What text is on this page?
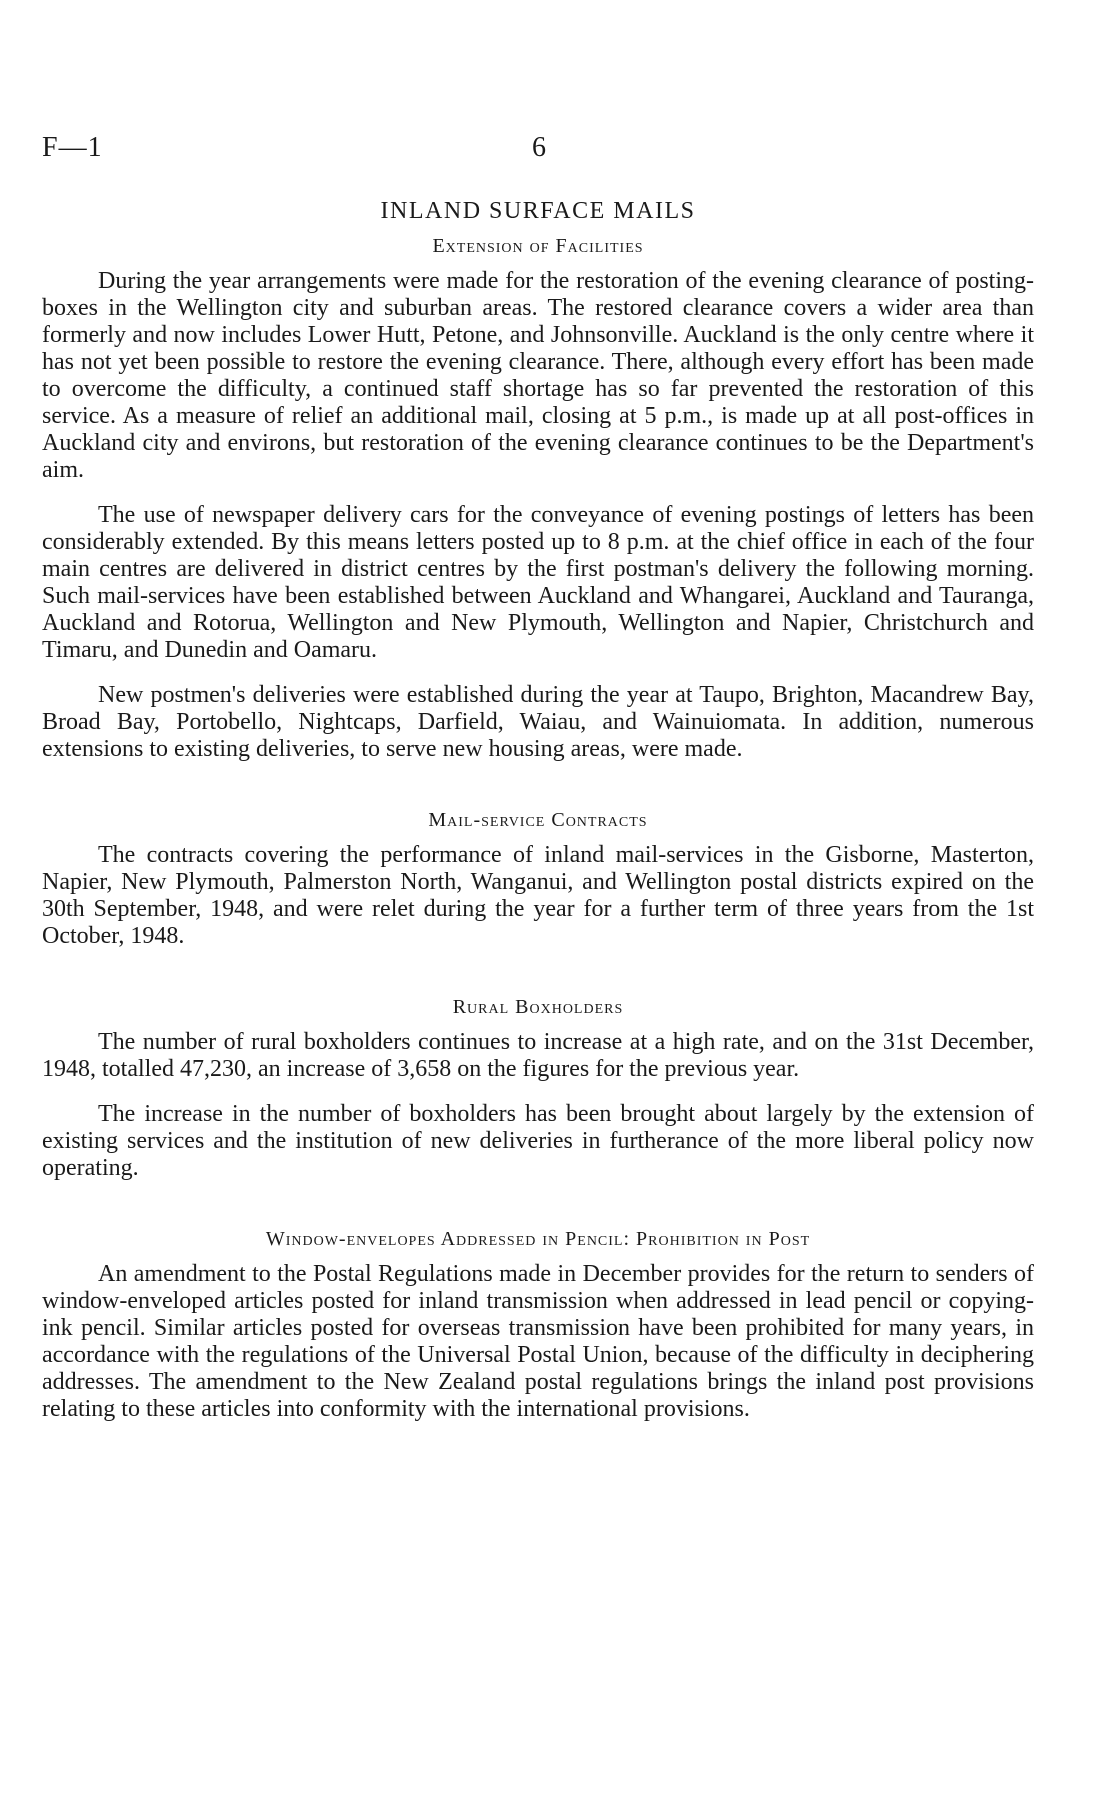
F—1	6
INLAND SURFACE MAILS
Extension of Facilities

During the year arrangements were made for the restoration of the evening clearance of posting-boxes in the Wellington city and suburban areas. The restored clearance covers a wider area than formerly and now includes Lower Hutt, Petone, and Johnsonville. Auckland is the only centre where it has not yet been possible to restore the evening clearance. There, although every effort has been made to overcome the difficulty, a continued staff shortage has so far prevented the restoration of this service. As a measure of relief an additional mail, closing at 5 p.m., is made up at all post-offices in Auckland city and environs, but restoration of the evening clearance continues to be the Department's aim.

The use of newspaper delivery cars for the conveyance of evening postings of letters has been considerably extended. By this means letters posted up to 8 p.m. at the chief office in each of the four main centres are delivered in district centres by the first postman's delivery the following morning. Such mail-services have been established between Auckland and Whangarei, Auckland and Tauranga, Auckland and Rotorua, Wellington and New Plymouth, Wellington and Napier, Christchurch and Timaru, and Dunedin and Oamaru.

New postmen's deliveries were established during the year at Taupo, Brighton, Macandrew Bay, Broad Bay, Portobello, Nightcaps, Darfield, Waiau, and Wainuiomata. In addition, numerous extensions to existing deliveries, to serve new housing areas, were made.

Mail-service Contracts

The contracts covering the performance of inland mail-services in the Gisborne, Masterton, Napier, New Plymouth, Palmerston North, Wanganui, and Wellington postal districts expired on the 30th September, 1948, and were relet during the year for a further term of three years from the 1st October, 1948.

Rural Boxholders

The number of rural boxholders continues to increase at a high rate, and on the 31st December, 1948, totalled 47,230, an increase of 3,658 on the figures for the previous year.

The increase in the number of boxholders has been brought about largely by the extension of existing services and the institution of new deliveries in furtherance of the more liberal policy now operating.

Window-envelopes Addressed in Pencil: Prohibition in Post

An amendment to the Postal Regulations made in December provides for the return to senders of window-enveloped articles posted for inland transmission when addressed in lead pencil or copying-ink pencil. Similar articles posted for overseas transmission have been prohibited for many years, in accordance with the regulations of the Universal Postal Union, because of the difficulty in deciphering addresses. The amendment to the New Zealand postal regulations brings the inland post provisions relating to these articles into conformity with the international provisions.
